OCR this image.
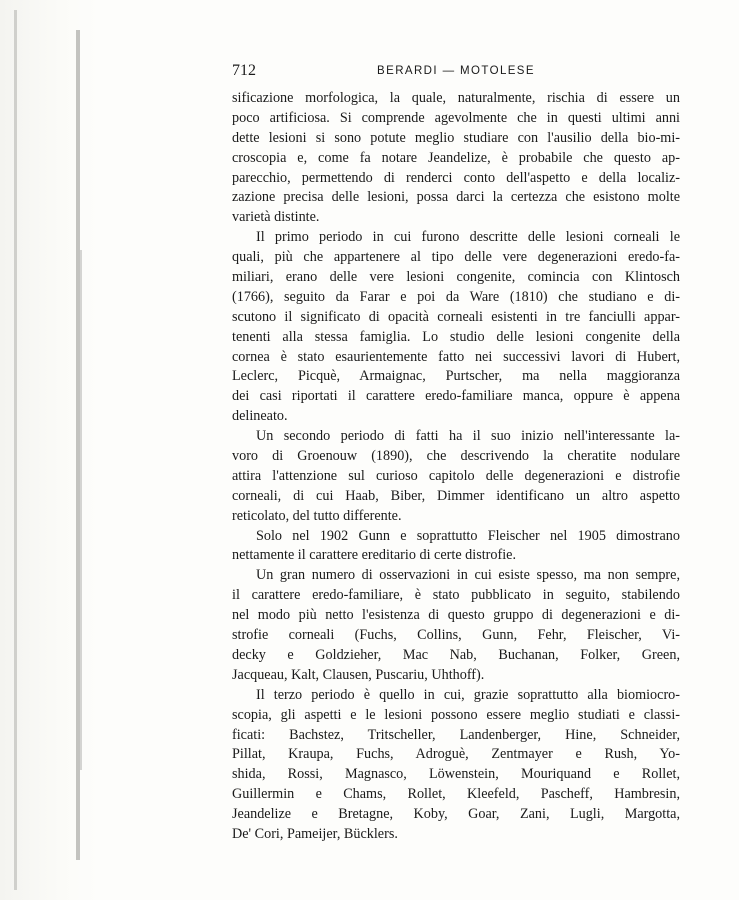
712	BERARDI — MOTOLESE
sificazione morfologica, la quale, naturalmente, rischia di essere un
poco artificiosa. Si comprende agevolmente che in questi ultimi anni
dette lesioni si sono potute meglio studiare con l'ausilio della bio-mi-
croscopia e, come fa notare Jeandelize, è probabile che questo ap-
parecchio, permettendo di renderci conto dell'aspetto e della localiz-
zazione precisa delle lesioni, possa darci la certezza che esistono molte
varietà distinte.
Il primo periodo in cui furono descritte delle lesioni corneali le
quali, più che appartenere al tipo delle vere degenerazioni eredo-fa-
miliari, erano delle vere lesioni congenite, comincia con Klintosch
(1766), seguito da Farar e poi da Ware (1810) che studiano e di-
scutono il significato di opacità corneali esistenti in tre fanciulli appar-
tenenti alla stessa famiglia. Lo studio delle lesioni congenite della
cornea è stato esaurientemente fatto nei successivi lavori di Hubert,
Leclerc, Picquè, Armaignac, Purtscher, ma nella maggioranza
dei casi riportati il carattere eredo-familiare manca, oppure è appena
delineato.
Un secondo periodo di fatti ha il suo inizio nell'interessante la-
voro di Groenouw (1890), che descrivendo la cheratite nodulare
attira l'attenzione sul curioso capitolo delle degenerazioni e distrofie
corneali, di cui Haab, Biber, Dimmer identificano un altro aspetto
reticolato, del tutto differente.
Solo nel 1902 Gunn e soprattutto Fleischer nel 1905 dimostrano
nettamente il carattere ereditario di certe distrofie.
Un gran numero di osservazioni in cui esiste spesso, ma non sempre,
il carattere eredo-familiare, è stato pubblicato in seguito, stabilendo
nel modo più netto l'esistenza di questo gruppo di degenerazioni e di-
strofie corneali (Fuchs, Collins, Gunn, Fehr, Fleischer, Vi-
decky e Goldzieher, Mac Nab, Buchanan, Folker, Green,
Jacqueau, Kalt, Clausen, Puscariu, Uhthoff).
Il terzo periodo è quello in cui, grazie soprattutto alla biomiocro-
scopia, gli aspetti e le lesioni possono essere meglio studiati e classi-
ficati: Bachstez, Tritscheller, Landenberger, Hine, Schneider,
Pillat, Kraupa, Fuchs, Adroguè, Zentmayer e Rush, Yo-
shida, Rossi, Magnasco, Löwenstein, Mouriquand e Rollet,
Guillermin e Chams, Rollet, Kleefeld, Pascheff, Hambresin,
Jeandelize e Bretagne, Koby, Goar, Zani, Lugli, Margotta,
De' Cori, Pameijer, Bücklers.
